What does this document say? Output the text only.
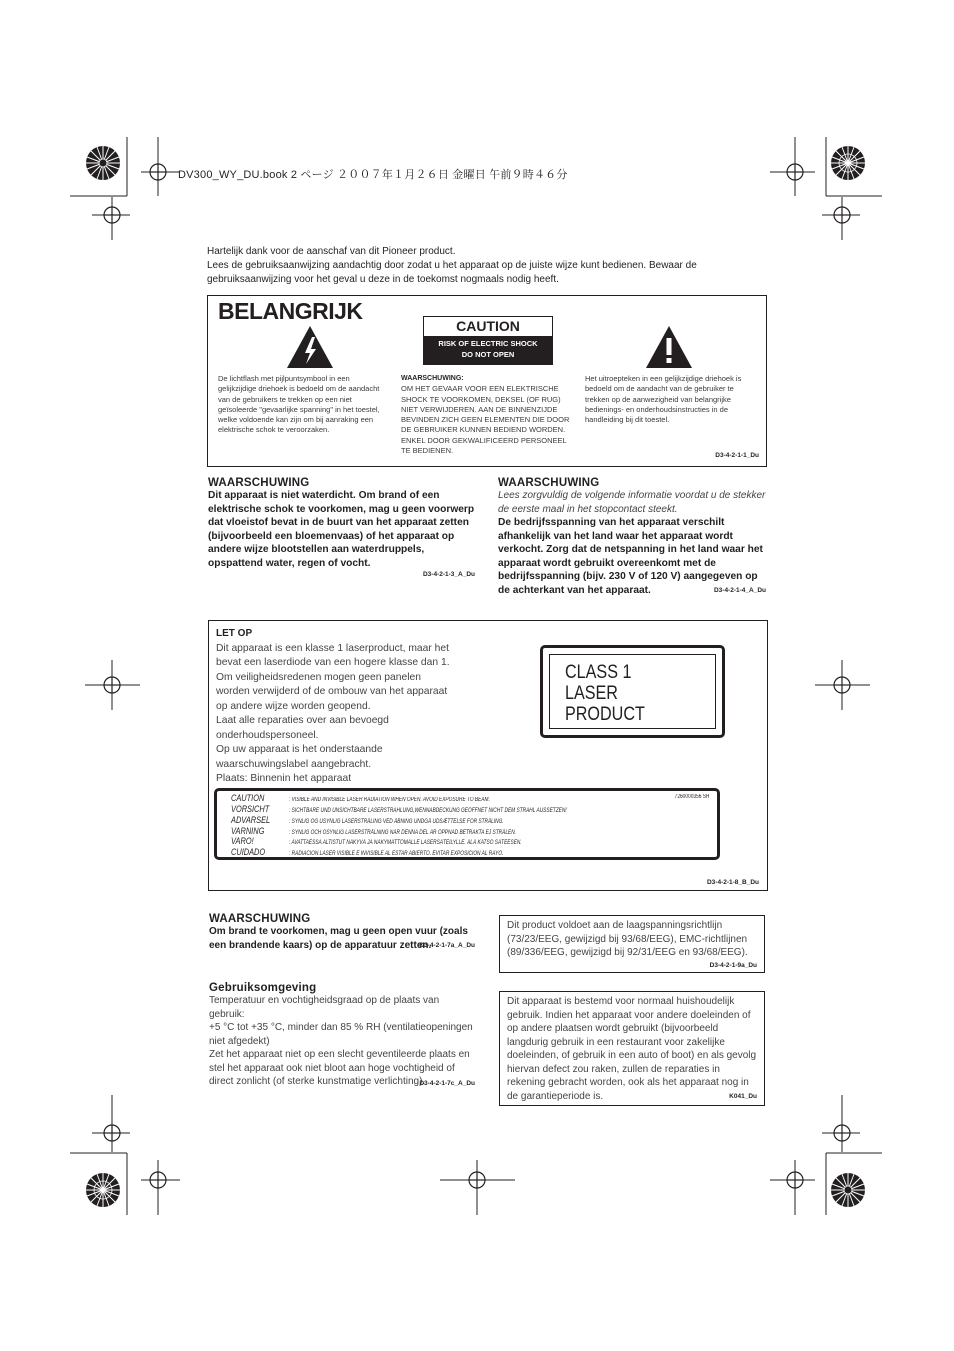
DV300_WY_DU.book 2 ページ ２００７年１月２６日 金曜日 午前９時４６分

Hartelijk dank voor de aanschaf van dit Pioneer product.

Lees de gebruiksaanwijzing aandachtig door zodat u het apparaat op de juiste wijze kunt bedienen. Bewaar de gebruiksaanwijzing voor het geval u deze in de toekomst nogmaals nodig heeft.

BELANGRIJK
CAUTION
RISK OF ELECTRIC SHOCK
DO NOT OPEN
De lichtflash met pijlpuntsymbool in een gelijkzijdige driehoek is bedoeld om de aandacht van de gebruikers te trekken op een niet geïsoleerde "gevaarlijke spanning" in het toestel, welke voldoende kan zijn om bij aanraking een elektrische schok te veroorzaken.
WAARSCHUWING:
OM HET GEVAAR VOOR EEN ELEKTRISCHE SHOCK TE VOORKOMEN, DEKSEL (OF RUG) NIET VERWIJDEREN. AAN DE BINNENZIJDE BEVINDEN ZICH GEEN ELEMENTEN DIE DOOR DE GEBRUIKER KUNNEN BEDIEND WORDEN. ENKEL DOOR GEKWALIFICEERD PERSONEEL TE BEDIENEN.
Het uitroepteken in een gelijkzijdige driehoek is bedoeld om de aandacht van de gebruiker te trekken op de aanwezigheid van belangrijke bedienings- en onderhoudsinstructies in de handleiding bij dit toestel.
D3-4-2-1-1_Du
WAARSCHUWING
Dit apparaat is niet waterdicht. Om brand of een elektrische schok te voorkomen, mag u geen voorwerp dat vloeistof bevat in de buurt van het apparaat zetten (bijvoorbeeld een bloemenvaas) of het apparaat op andere wijze blootstellen aan waterdruppels, opspattend water, regen of vocht.
D3-4-2-1-3_A_Du
WAARSCHUWING
Lees zorgvuldig de volgende informatie voordat u de stekker de eerste maal in het stopcontact steekt.
De bedrijfsspanning van het apparaat verschilt afhankelijk van het land waar het apparaat wordt verkocht. Zorg dat de netspanning in het land waar het apparaat wordt gebruikt overeenkomt met de bedrijfsspanning (bijv. 230 V of 120 V) aangegeven op de achterkant van het apparaat.	D3-4-2-1-4_A_Du
LET OP
Dit apparaat is een klasse 1 laserproduct, maar het
bevat een laserdiode van een hogere klasse dan 1.
Om veiligheidsredenen mogen geen panelen
worden verwijderd of de ombouw van het apparaat
op andere wijze worden geopend.
Laat alle reparaties over aan bevoegd
onderhoudspersoneel.
Op uw apparaat is het onderstaande
waarschuwingslabel aangebracht.
Plaats: Binnenin het apparaat
CLASS 1
LASER PRODUCT
7260000356 SH
CAUTION	: VISIBLE AND INVISIBLE LASER RADIATION WHEN OPEN. AVOID EXPOSURE TO BEAM.
VORSICHT	: SICHTBARE UND UNSICHTBARE LASERSTRAHLUNG,WENNABDECKUNG GEÖFFNET NICHT DEM STRAHL AUSSETZEN!
ADVARSEL	: SYNLIG OG USYNLIG LASERSTRÅLING VED ÅBNING UNDGÅ UDSÆTTELSE FOR STRÅLING.
VARNING	: SYNLIG OCH OSYNLIG LASERSTRÅLNING NÄR DENNA DEL ÄR ÖPPNAD BETRAKTA EJ STRÅLEN.
VARO!	: AVATTAESSA ALTISTUT NÄKYVÄ JA NÄKYMÄTTÖMÄLLE LASERSÄTEILYLLE. ÄLÄ KATSO SÄTEESEN.
CUIDADO	: RADIACIÓN LÁSER VISIBLE E INVISIBLE AL ESTAR ABIERTO. EVITAR EXPOSICIÓN AL RAYO.
D3-4-2-1-8_B_Du
WAARSCHUWING
Om brand te voorkomen, mag u geen open vuur (zoals een brandende kaars) op de apparatuur zetten.
D3-4-2-1-7a_A_Du
Gebruiksomgeving
Temperatuur en vochtigheidsgraad op de plaats van gebruik:
+5 °C tot +35 °C, minder dan 85 % RH (ventilatieopeningen niet afgedekt)
Zet het apparaat niet op een slecht geventileerde plaats en stel het apparaat ook niet bloot aan hoge vochtigheid of direct zonlicht (of sterke kunstmatige verlichting).
D3-4-2-1-7c_A_Du
Dit product voldoet aan de laagspanningsrichtlijn (73/23/EEG, gewijzigd bij 93/68/EEG), EMC-richtlijnen (89/336/EEG, gewijzigd bij 92/31/EEG en 93/68/EEG).
D3-4-2-1-9a_Du
Dit apparaat is bestemd voor normaal huishoudelijk gebruik. Indien het apparaat voor andere doeleinden of op andere plaatsen wordt gebruikt (bijvoorbeeld langdurig gebruik in een restaurant voor zakelijke doeleinden, of gebruik in een auto of boot) en als gevolg hiervan defect zou raken, zullen de reparaties in rekening gebracht worden, ook als het apparaat nog in de garantieperiode is.	K041_Du
